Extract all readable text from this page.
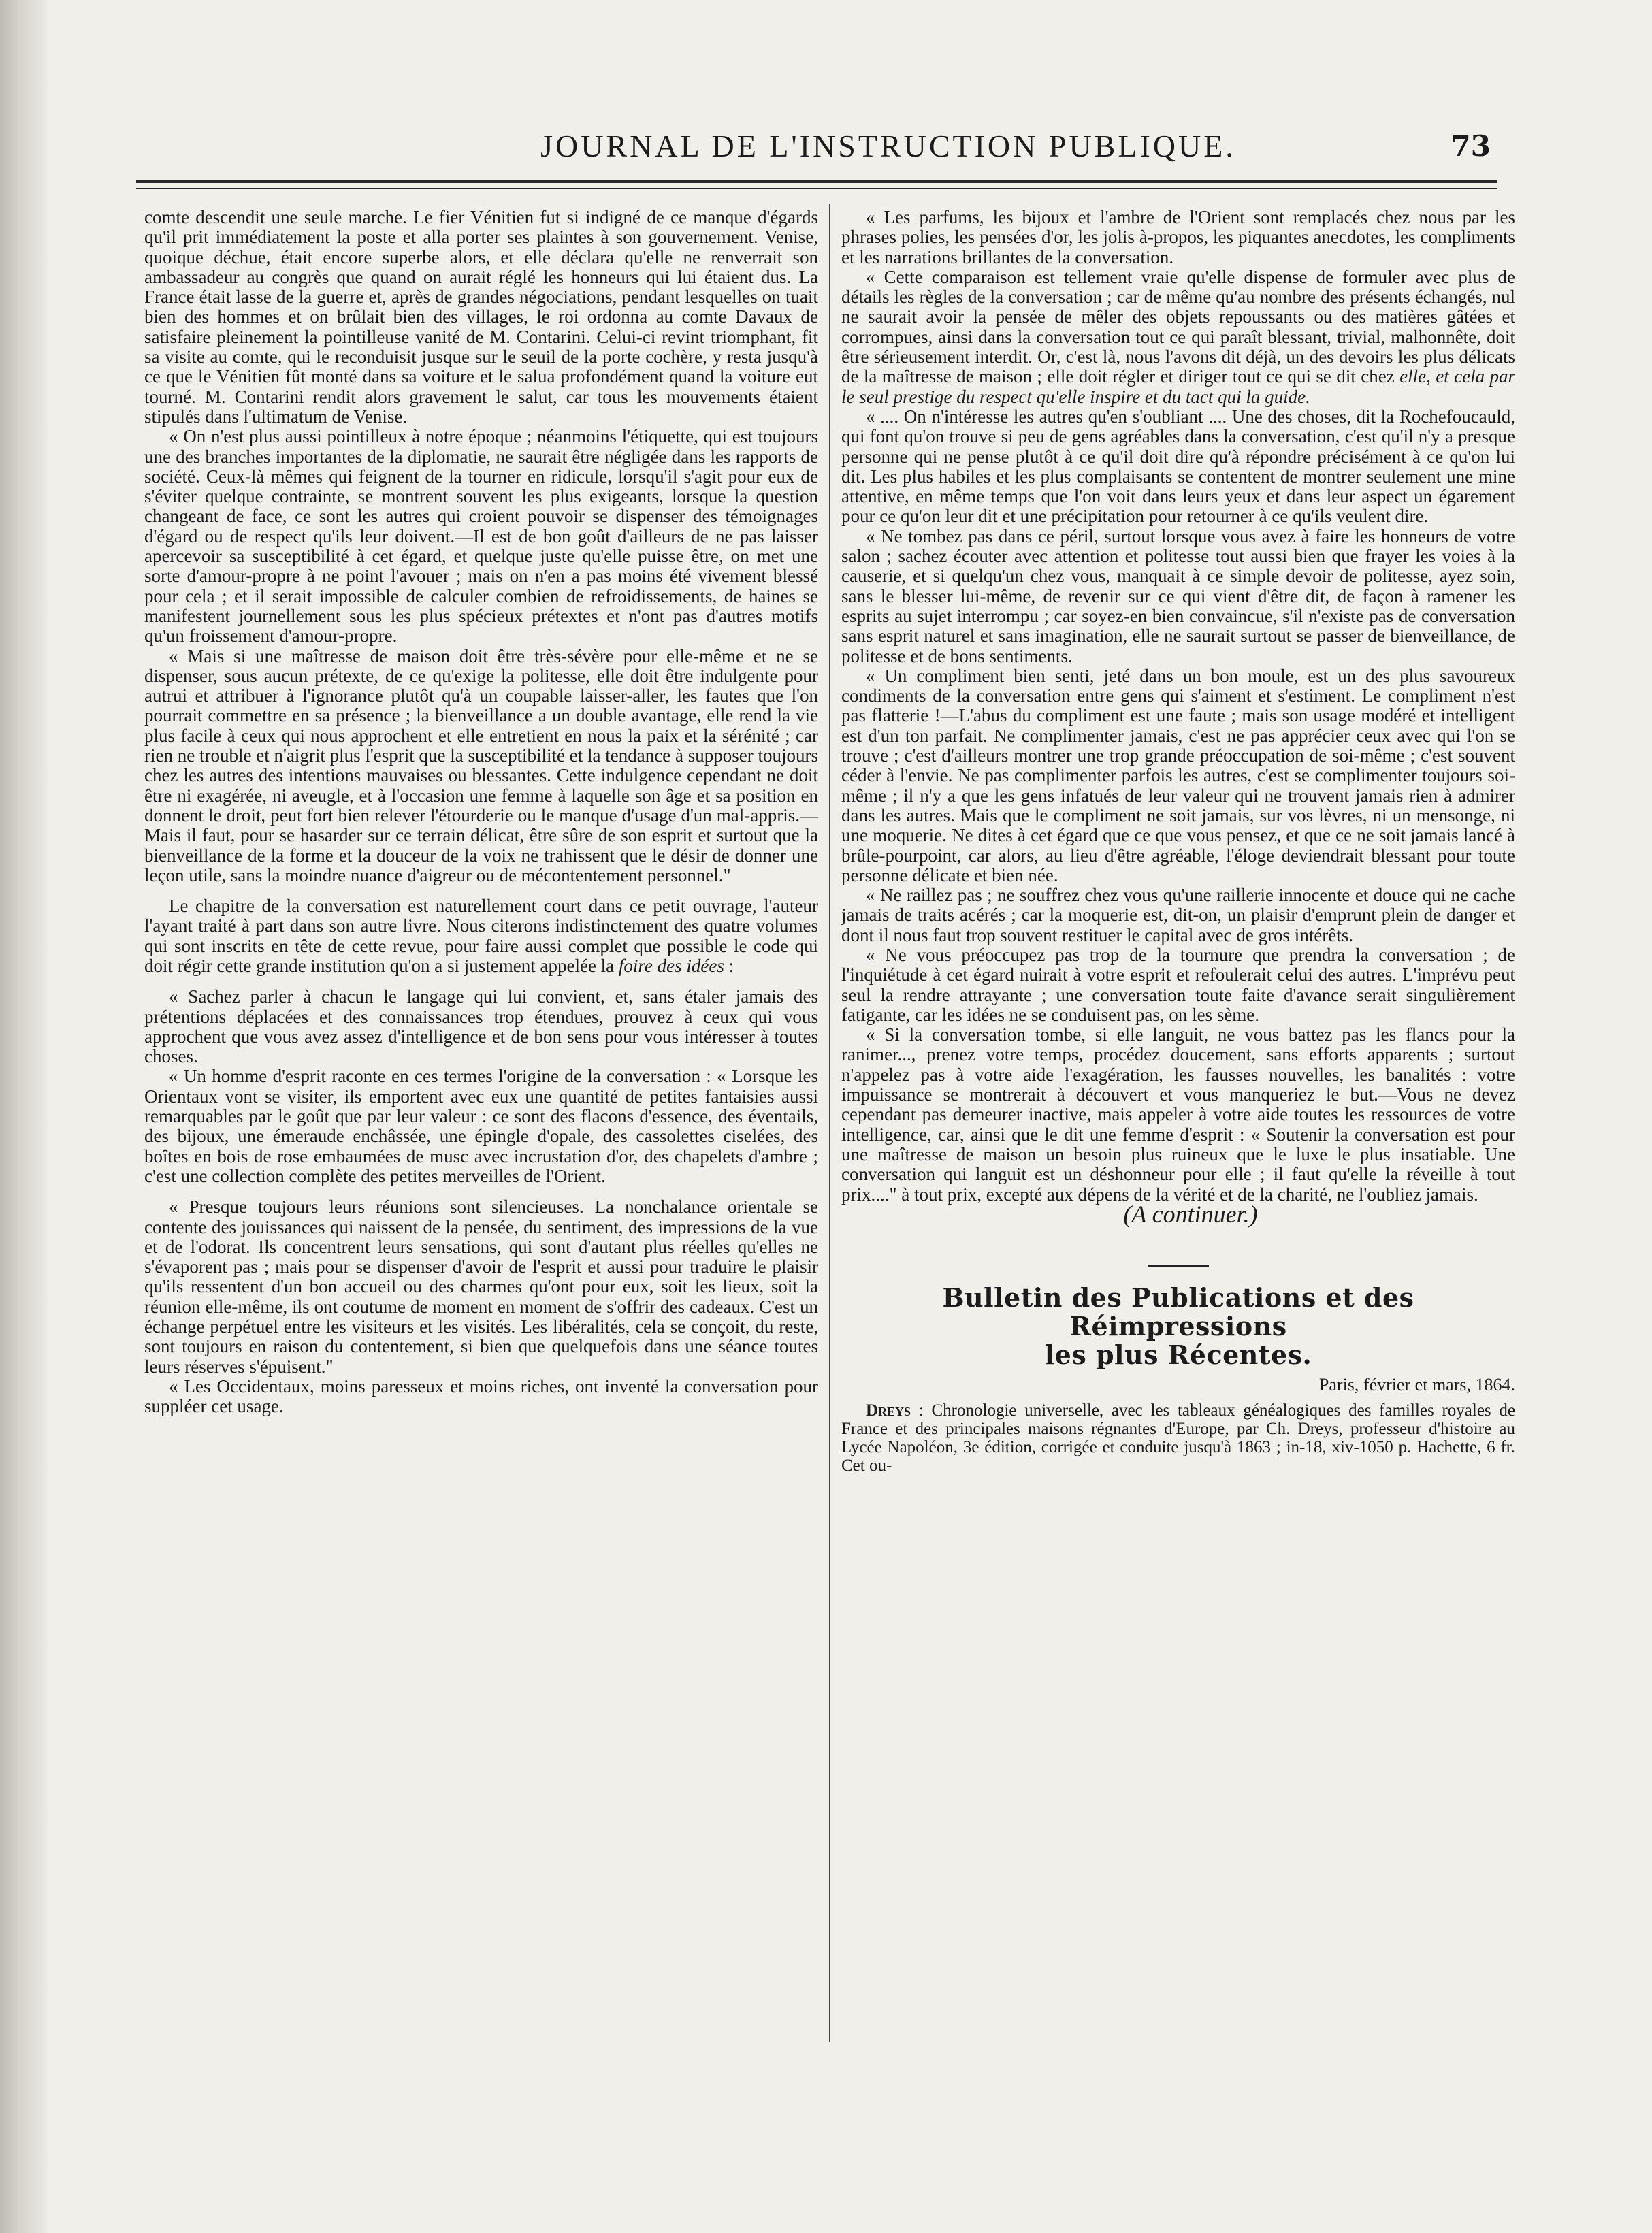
JOURNAL DE L'INSTRUCTION PUBLIQUE.	73

comte descendit une seule marche. Le fier Vénitien fut si indigné de ce manque d'égards qu'il prit immédiatement la poste et alla porter ses plaintes à son gouvernement. Venise, quoique déchue, était encore superbe alors, et elle déclara qu'elle ne renverrait son ambassadeur au congrès que quand on aurait réglé les honneurs qui lui étaient dus. La France était lasse de la guerre et, après de grandes négociations, pendant lesquelles on tuait bien des hommes et on brûlait bien des villages, le roi ordonna au comte Davaux de satisfaire pleinement la pointilleuse vanité de M. Contarini. Celui-ci revint triomphant, fit sa visite au comte, qui le reconduisit jusque sur le seuil de la porte cochère, y resta jusqu'à ce que le Vénitien fût monté dans sa voiture et le salua profondément quand la voiture eut tourné. M. Contarini rendit alors gravement le salut, car tous les mouvements étaient stipulés dans l'ultimatum de Venise.

« On n'est plus aussi pointilleux à notre époque ; néanmoins l'étiquette, qui est toujours une des branches importantes de la diplomatie, ne saurait être négligée dans les rapports de société. Ceux-là mêmes qui feignent de la tourner en ridicule, lorsqu'il s'agit pour eux de s'éviter quelque contrainte, se montrent souvent les plus exigeants, lorsque la question changeant de face, ce sont les autres qui croient pouvoir se dispenser des témoignages d'égard ou de respect qu'ils leur doivent.—Il est de bon goût d'ailleurs de ne pas laisser apercevoir sa susceptibilité à cet égard, et quelque juste qu'elle puisse être, on met une sorte d'amour-propre à ne point l'avouer ; mais on n'en a pas moins été vivement blessé pour cela ; et il serait impossible de calculer combien de refroidissements, de haines se manifestent journellement sous les plus spécieux prétextes et n'ont pas d'autres motifs qu'un froissement d'amour-propre.

« Mais si une maîtresse de maison doit être très-sévère pour elle-même et ne se dispenser, sous aucun prétexte, de ce qu'exige la politesse, elle doit être indulgente pour autrui et attribuer à l'ignorance plutôt qu'à un coupable laisser-aller, les fautes que l'on pourrait commettre en sa présence ; la bienveillance a un double avantage, elle rend la vie plus facile à ceux qui nous approchent et elle entretient en nous la paix et la sérénité ; car rien ne trouble et n'aigrit plus l'esprit que la susceptibilité et la tendance à supposer toujours chez les autres des intentions mauvaises ou blessantes. Cette indulgence cependant ne doit être ni exagérée, ni aveugle, et à l'occasion une femme à laquelle son âge et sa position en donnent le droit, peut fort bien relever l'étourderie ou le manque d'usage d'un mal-appris.—Mais il faut, pour se hasarder sur ce terrain délicat, être sûre de son esprit et surtout que la bienveillance de la forme et la douceur de la voix ne trahissent que le désir de donner une leçon utile, sans la moindre nuance d'aigreur ou de mécontentement personnel."

Le chapitre de la conversation est naturellement court dans ce petit ouvrage, l'auteur l'ayant traité à part dans son autre livre. Nous citerons indistinctement des quatre volumes qui sont inscrits en tête de cette revue, pour faire aussi complet que possible le code qui doit régir cette grande institution qu'on a si justement appelée la foire des idées :

« Sachez parler à chacun le langage qui lui convient, et, sans étaler jamais des prétentions déplacées et des connaissances trop étendues, prouvez à ceux qui vous approchent que vous avez assez d'intelligence et de bon sens pour vous intéresser à toutes choses.

« Un homme d'esprit raconte en ces termes l'origine de la conversation : « Lorsque les Orientaux vont se visiter, ils emportent avec eux une quantité de petites fantaisies aussi remarquables par le goût que par leur valeur : ce sont des flacons d'essence, des éventails, des bijoux, une émeraude enchâssée, une épingle d'opale, des cassolettes ciselées, des boîtes en bois de rose embaumées de musc avec incrustation d'or, des chapelets d'ambre ; c'est une collection complète des petites merveilles de l'Orient.

« Presque toujours leurs réunions sont silencieuses. La nonchalance orientale se contente des jouissances qui naissent de la pensée, du sentiment, des impressions de la vue et de l'odorat. Ils concentrent leurs sensations, qui sont d'autant plus réelles qu'elles ne s'évaporent pas ; mais pour se dispenser d'avoir de l'esprit et aussi pour traduire le plaisir qu'ils ressentent d'un bon accueil ou des charmes qu'ont pour eux, soit les lieux, soit la réunion elle-même, ils ont coutume de moment en moment de s'offrir des cadeaux. C'est un échange perpétuel entre les visiteurs et les visités. Les libéralités, cela se conçoit, du reste, sont toujours en raison du contentement, si bien que quelquefois dans une séance toutes leurs réserves s'épuisent."

« Les Occidentaux, moins paresseux et moins riches, ont inventé la conversation pour suppléer cet usage.

« Les parfums, les bijoux et l'ambre de l'Orient sont remplacés chez nous par les phrases polies, les pensées d'or, les jolis à-propos, les piquantes anecdotes, les compliments et les narrations brillantes de la conversation.

« Cette comparaison est tellement vraie qu'elle dispense de formuler avec plus de détails les règles de la conversation ; car de même qu'au nombre des présents échangés, nul ne saurait avoir la pensée de mêler des objets repoussants ou des matières gâtées et corrompues, ainsi dans la conversation tout ce qui paraît blessant, trivial, malhonnête, doit être sérieusement interdit. Or, c'est là, nous l'avons dit déjà, un des devoirs les plus délicats de la maîtresse de maison ; elle doit régler et diriger tout ce qui se dit chez elle, et cela par le seul prestige du respect qu'elle inspire et du tact qui la guide.

« .... On n'intéresse les autres qu'en s'oubliant .... Une des choses, dit la Rochefoucauld, qui font qu'on trouve si peu de gens agréables dans la conversation, c'est qu'il n'y a presque personne qui ne pense plutôt à ce qu'il doit dire qu'à répondre précisément à ce qu'on lui dit. Les plus habiles et les plus complaisants se contentent de montrer seulement une mine attentive, en même temps que l'on voit dans leurs yeux et dans leur aspect un égarement pour ce qu'on leur dit et une précipitation pour retourner à ce qu'ils veulent dire.

« Ne tombez pas dans ce péril, surtout lorsque vous avez à faire les honneurs de votre salon ; sachez écouter avec attention et politesse tout aussi bien que frayer les voies à la causerie, et si quelqu'un chez vous, manquait à ce simple devoir de politesse, ayez soin, sans le blesser lui-même, de revenir sur ce qui vient d'être dit, de façon à ramener les esprits au sujet interrompu ; car soyez-en bien convaincue, s'il n'existe pas de conversation sans esprit naturel et sans imagination, elle ne saurait surtout se passer de bienveillance, de politesse et de bons sentiments.

« Un compliment bien senti, jeté dans un bon moule, est un des plus savoureux condiments de la conversation entre gens qui s'aiment et s'estiment. Le compliment n'est pas flatterie !—L'abus du compliment est une faute ; mais son usage modéré et intelligent est d'un ton parfait. Ne complimenter jamais, c'est ne pas apprécier ceux avec qui l'on se trouve ; c'est d'ailleurs montrer une trop grande préoccupation de soi-même ; c'est souvent céder à l'envie. Ne pas complimenter parfois les autres, c'est se complimenter toujours soi-même ; il n'y a que les gens infatués de leur valeur qui ne trouvent jamais rien à admirer dans les autres. Mais que le compliment ne soit jamais, sur vos lèvres, ni un mensonge, ni une moquerie. Ne dites à cet égard que ce que vous pensez, et que ce ne soit jamais lancé à brûle-pourpoint, car alors, au lieu d'être agréable, l'éloge deviendrait blessant pour toute personne délicate et bien née.

« Ne raillez pas ; ne souffrez chez vous qu'une raillerie innocente et douce qui ne cache jamais de traits acérés ; car la moquerie est, dit-on, un plaisir d'emprunt plein de danger et dont il nous faut trop souvent restituer le capital avec de gros intérêts.

« Ne vous préoccupez pas trop de la tournure que prendra la conversation ; de l'inquiétude à cet égard nuirait à votre esprit et refoulerait celui des autres. L'imprévu peut seul la rendre attrayante ; une conversation toute faite d'avance serait singulièrement fatigante, car les idées ne se conduisent pas, on les sème.

« Si la conversation tombe, si elle languit, ne vous battez pas les flancs pour la ranimer..., prenez votre temps, procédez doucement, sans efforts apparents ; surtout n'appelez pas à votre aide l'exagération, les fausses nouvelles, les banalités : votre impuissance se montrerait à découvert et vous manqueriez le but.—Vous ne devez cependant pas demeurer inactive, mais appeler à votre aide toutes les ressources de votre intelligence, car, ainsi que le dit une femme d'esprit : « Soutenir la conversation est pour une maîtresse de maison un besoin plus ruineux que le luxe le plus insatiable. Une conversation qui languit est un déshonneur pour elle ; il faut qu'elle la réveille à tout prix...." à tout prix, excepté aux dépens de la vérité et de la charité, ne l'oubliez jamais.

(A continuer.)

Bulletin des Publications et des Réimpressions
les plus Récentes.
Paris, février et mars, 1864.

Dreys : Chronologie universelle, avec les tableaux généalogiques des familles royales de France et des principales maisons régnantes d'Europe, par Ch. Dreys, professeur d'histoire au Lycée Napoléon, 3e édition, corrigée et conduite jusqu'à 1863 ; in-18, xiv-1050 p. Hachette, 6 fr. Cet ou-
